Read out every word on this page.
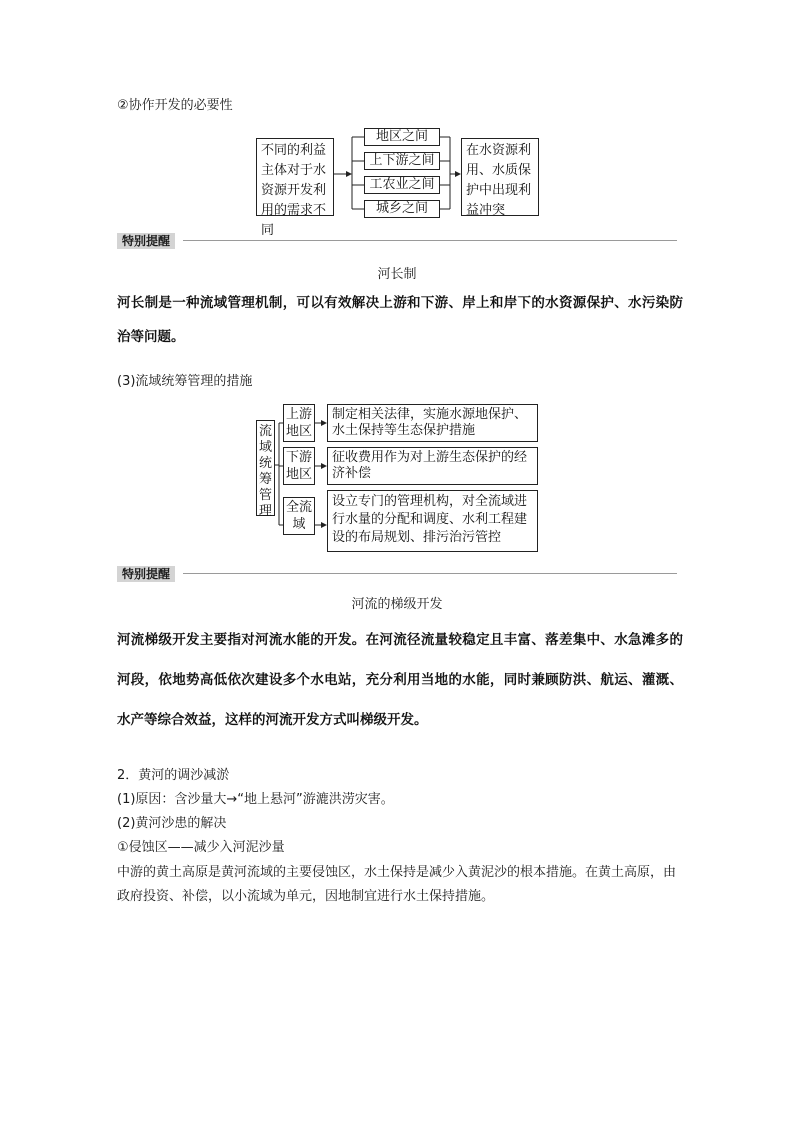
②协作开发的必要性
不同的利益主体对于水资源开发利用的需求不同
地区之间
上下游之间
工农业之间
城乡之间
在水资源利用、水质保护中出现利益冲突
特别提醒
河长制
河长制是一种流域管理机制，可以有效解决上游和下游、岸上和岸下的水资源保护、水污染防治等问题。
(3)流域统筹管理的措施
流域统筹管理
上游地区
下游地区
全流域
制定相关法律，实施水源地保护、水土保持等生态保护措施
征收费用作为对上游生态保护的经济补偿
设立专门的管理机构，对全流域进行水量的分配和调度、水利工程建设的布局规划、排污治污管控
特别提醒
河流的梯级开发
河流梯级开发主要指对河流水能的开发。在河流径流量较稳定且丰富、落差集中、水急滩多的河段，依地势高低依次建设多个水电站，充分利用当地的水能，同时兼顾防洪、航运、灌溉、水产等综合效益，这样的河流开发方式叫梯级开发。
2．黄河的调沙减淤
(1)原因：含沙量大→“地上悬河”游漉洪涝灾害。
(2)黄河沙患的解决
①侵蚀区——减少入河泥沙量
中游的黄土高原是黄河流域的主要侵蚀区，水土保持是减少入黄泥沙的根本措施。在黄土高原，由政府投资、补偿，以小流域为单元，因地制宜进行水土保持措施。
